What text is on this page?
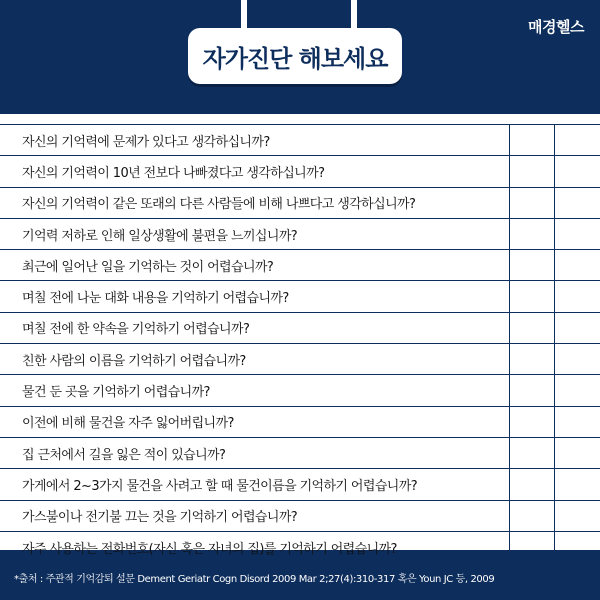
자가진단 해보세요
매경헬스
자신의 기억력에 문제가 있다고 생각하십니까?
자신의 기억력이 10년 전보다 나빠졌다고 생각하십니까?
자신의 기억력이 같은 또래의 다른 사람들에 비해 나쁘다고 생각하십니까?
기억력 저하로 인해 일상생활에 불편을 느끼십니까?
최근에 일어난 일을 기억하는 것이 어렵습니까?
며칠 전에 나눈 대화 내용을 기억하기 어렵습니까?
며칠 전에 한 약속을 기억하기 어렵습니까?
친한 사람의 이름을 기억하기 어렵습니까?
물건 둔 곳을 기억하기 어렵습니까?
이전에 비해 물건을 자주 잃어버립니까?
집 근처에서 길을 잃은 적이 있습니까?
가게에서 2~3가지 물건을 사려고 할 때 물건이름을 기억하기 어렵습니까?
가스불이나 전기불 끄는 것을 기억하기 어렵습니까?
자주 사용하는 전화번호(자신 혹은 자녀의 집)를 기억하기 어렵습니까?
*출처 : 주관적 기억감퇴 설문 Dement Geriatr Cogn Disord 2009 Mar 2;27(4):310-317 혹은 Youn JC 등, 2009
